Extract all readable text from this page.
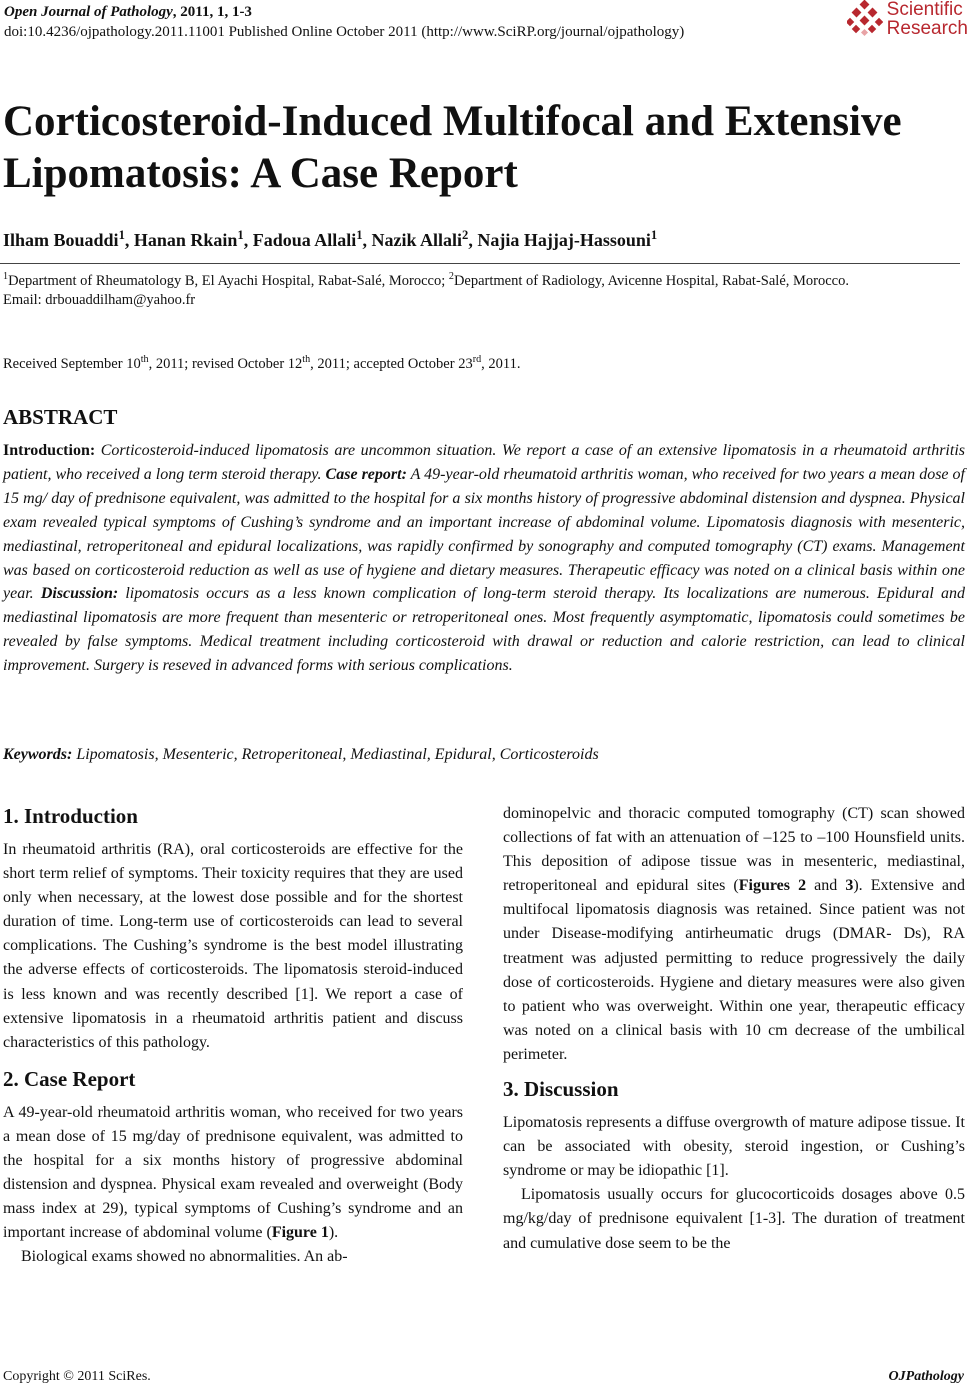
Open Journal of Pathology, 2011, 1, 1-3
doi:10.4236/ojpathology.2011.11001 Published Online October 2011 (http://www.SciRP.org/journal/ojpathology)
Scientific
Research
Corticosteroid-Induced Multifocal and Extensive
Lipomatosis: A Case Report
Ilham Bouaddi$^1$, Hanan Rkain$^1$, Fadoua Allali$^1$, Nazik Allali$^2$, Najia Hajjaj-Hassouni$^1$
$^1$Department of Rheumatology B, El Ayachi Hospital, Rabat-Salé, Morocco; $^2$Department of Radiology, Avicenne Hospital, Rabat-Salé, Morocco.
Email: drbouaddilham@yahoo.fr
Received September 10th, 2011; revised October 12th, 2011; accepted October 23rd, 2011.
ABSTRACT

Introduction: Corticosteroid-induced lipomatosis are uncommon situation. We report a case of an extensive lipomatosis in a rheumatoid arthritis patient, who received a long term steroid therapy. Case report: A 49-year-old rheumatoid arthritis woman, who received for two years a mean dose of 15 mg/ day of prednisone equivalent, was admitted to the hospital for a six months history of progressive abdominal distension and dyspnea. Physical exam revealed typical symptoms of Cushing’s syndrome and an important increase of abdominal volume. Lipomatosis diagnosis with mesenteric, mediastinal, retroperitoneal and epidural localizations, was rapidly confirmed by sonography and computed tomography (CT) exams. Management was based on corticosteroid reduction as well as use of hygiene and dietary measures. Therapeutic efficacy was noted on a clinical basis within one year. Discussion: lipomatosis occurs as a less known complication of long-term steroid therapy. Its localizations are numerous. Epidural and mediastinal lipomatosis are more frequent than mesenteric or retroperitoneal ones. Most frequently asymptomatic, lipomatosis could sometimes be revealed by false symptoms. Medical treatment including corticosteroid with drawal or reduction and calorie restriction, can lead to clinical improvement. Surgery is reseved in advanced forms with serious complications.

Keywords: Lipomatosis, Mesenteric, Retroperitoneal, Mediastinal, Epidural, Corticosteroids
1. Introduction

In rheumatoid arthritis (RA), oral corticosteroids are effective for the short term relief of symptoms. Their toxicity requires that they are used only when necessary, at the lowest dose possible and for the shortest duration of time. Long-term use of corticosteroids can lead to several complications. The Cushing’s syndrome is the best model illustrating the adverse effects of corticosteroids. The lipomatosis steroid-induced is less known and was recently described [1]. We report a case of extensive lipomatosis in a rheumatoid arthritis patient and discuss characteristics of this pathology.

2. Case Report

A 49-year-old rheumatoid arthritis woman, who received for two years a mean dose of 15 mg/day of prednisone equivalent, was admitted to the hospital for a six months history of progressive abdominal distension and dyspnea. Physical exam revealed and overweight (Body mass index at 29), typical symptoms of Cushing’s syndrome and an important increase of abdominal volume (Figure 1).

Biological exams showed no abnormalities. An ab-

dominopelvic and thoracic computed tomography (CT) scan showed collections of fat with an attenuation of –125 to –100 Hounsfield units. This deposition of adipose tissue was in mesenteric, mediastinal, retroperitoneal and epidural sites (Figures 2 and 3). Extensive and multifocal lipomatosis diagnosis was retained. Since patient was not under Disease-modifying antirheumatic drugs (DMAR- Ds), RA treatment was adjusted permitting to reduce progressively the daily dose of corticosteroids. Hygiene and dietary measures were also given to patient who was overweight. Within one year, therapeutic efficacy was noted on a clinical basis with 10 cm decrease of the umbilical perimeter.

3. Discussion

Lipomatosis represents a diffuse overgrowth of mature adipose tissue. It can be associated with obesity, steroid ingestion, or Cushing’s syndrome or may be idiopathic [1].

Lipomatosis usually occurs for glucocorticoids dosages above 0.5 mg/kg/day of prednisone equivalent [1-3]. The duration of treatment and cumulative dose seem to be the

Copyright © 2011 SciRes.	OJPathology
